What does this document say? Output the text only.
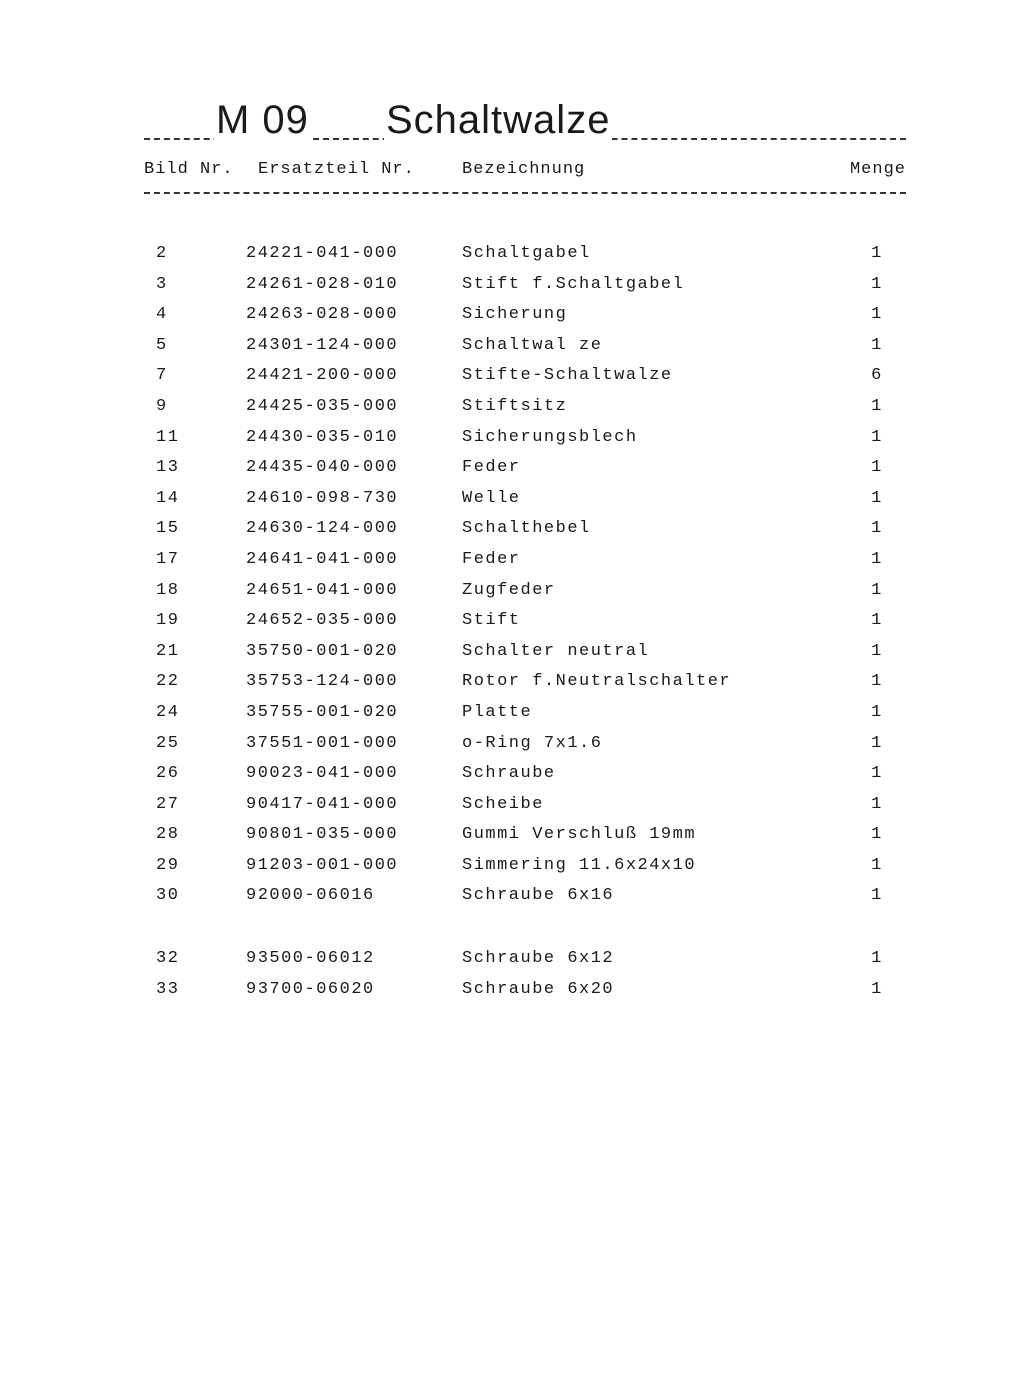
M 09 Schaltwalze
Bild Nr. Ersatzteil Nr.	Bezeichnung	Menge
2	24221-041-000	Schaltgabel	1
3	24261-028-010	Stift f.Schaltgabel	1
4	24263-028-000	Sicherung	1
5	24301-124-000	Schaltwal ze	1
7	24421-200-000	Stifte-Schaltwalze	6
9	24425-035-000	Stiftsitz	1
11	24430-035-010	Sicherungsblech	1
13	24435-040-000	Feder	1
14	24610-098-730	Welle	1
15	24630-124-000	Schalthebel	1
17	24641-041-000	Feder	1
18	24651-041-000	Zugfeder	1
19	24652-035-000	Stift	1
21	35750-001-020	Schalter neutral	1
22	35753-124-000	Rotor f.Neutralschalter	1
24	35755-001-020	Platte	1
25	37551-001-000	o-Ring 7x1.6	1
26	90023-041-000	Schraube	1
27	90417-041-000	Scheibe	1
28	90801-035-000	Gummi Verschluß 19mm	1
29	91203-001-000	Simmering 11.6x24x10	1
30	92000-06016	Schraube 6x16	1
32	93500-06012	Schraube 6x12	1
33	93700-06020	Schraube 6x20	1
